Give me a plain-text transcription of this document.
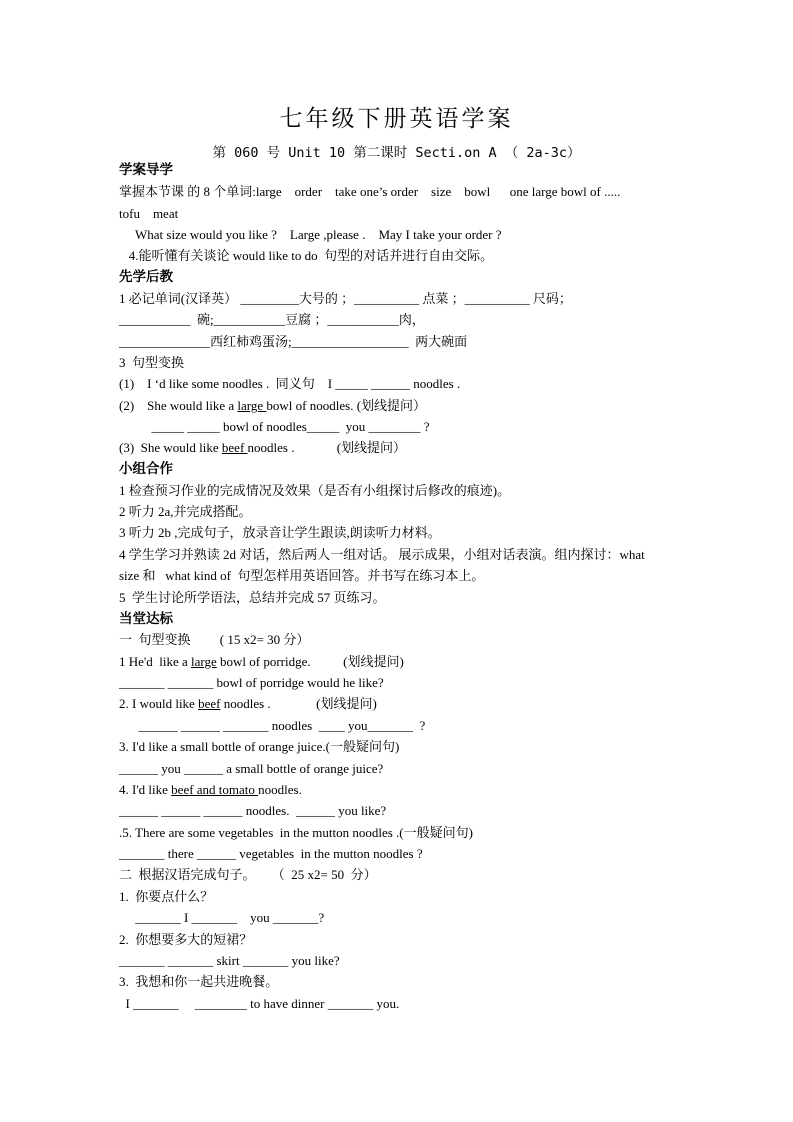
七年级下册英语学案
第 060 号 Unit 10 第二课时 Secti.on A （ 2a-3c）
学案导学
掌握本节课 的 8 个单词:large    order    take one’s order    size    bowl      one large bowl of .....
tofu    meat
What size would you like ?    Large ,please .    May I take your order ?
4.能听懂有关谈论 would like to do  句型的对话并进行自由交际。
先学后教
1 必记单词(汉译英） _________大号的 ；__________ 点菜 ；__________ 尺码；
___________  碗;___________豆腐 ；___________肉，
______________西红柿鸡蛋汤;__________________  两大碗面
3  句型变换
(1)    I ‘d like some noodles .  同义句    I _____ ______ noodles .
(2)    She would like a large bowl of noodles. (划线提问）
_____ _____ bowl of noodles_____  you ________ ?
(3)  She would like beef noodles .             (划线提问）
小组合作
1 检查预习作业的完成情况及效果（是否有小组探讨后修改的痕迹)。
2 听力 2a,并完成搭配。
3 听力 2b ,完成句子，放录音让学生跟读,朗读听力材料。
4 学生学习并熟读 2d 对话，然后两人一组对话。 展示成果，小组对话表演。组内探讨：what
size 和   what kind of  句型怎样用英语回答。并书写在练习本上。
5  学生讨论所学语法，总结并完成 57 页练习。
当堂达标
一  句型变换         ( 15 x2= 30 分）
1 He'd  like a large bowl of porridge.          (划线提问)
_______ _______ bowl of porridge would he like?
2. I would like beef noodles .              (划线提问)
______ ______ _______ noodles  ____ you_______  ?
3. I'd like a small bottle of orange juice.(一般疑问句)
______ you ______ a small bottle of orange juice?
4. I'd like beef and tomato noodles.
______ ______ ______ noodles.  ______ you like?
.5. There are some vegetables  in the mutton noodles .(一般疑问句)
_______ there ______ vegetables  in the mutton noodles ?
二  根据汉语完成句子。     （  25 x2= 50  分）
1.  你要点什么？
_______ I _______    you _______?
2.  你想要多大的短裙？
_______ _______ skirt _______ you like?
3.  我想和你一起共进晚餐。
I _______     ________ to have dinner _______ you.
